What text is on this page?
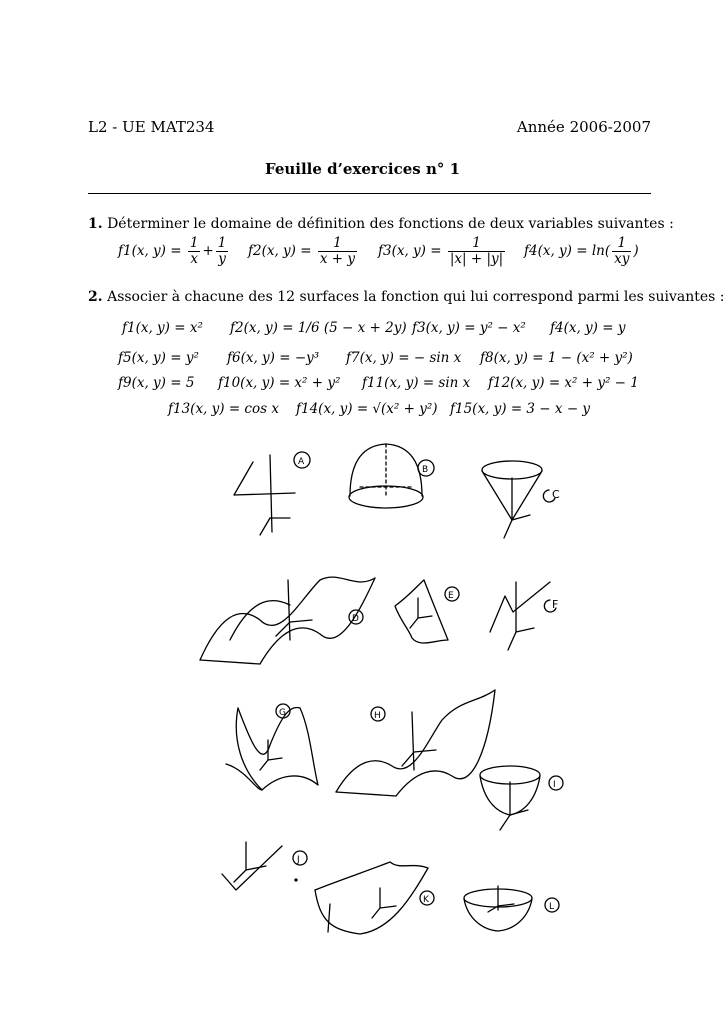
L2 - UE MAT234	Année 2006-2007
Feuille d’exercices n° 1
1. Déterminer le domaine de définition des fonctions de deux variables suivantes :
f1(x, $y) = \frac{1}{x} + \frac{1}{y} f2(x$, $y) = \frac{1}{x + y} f3(x$, $y) = \frac{1}{|x| + |y|} f4(x$, $y) = \ln( \frac{1}{xy}$ )
2. Associer à chacune des 12 surfaces la fonction qui lui correspond parmi les suivantes :
f1(x, y) = x² f2(x, y) = 1/6 (5 − x + 2y) f3(x, y) = y² − x² f4(x, y) = y
f5(x, y) = y² f6(x, y) = −y³ f7(x, y) = − sin x f8(x, y) = 1 − (x² + y²)
f9(x, y) = 5 f10(x, y) = x² + y² f11(x, y) = sin x f12(x, y) = x² + y² − 1
f13(x, y) = cos x f14(x, y) = √(x² + y²) f15(x, y) = 3 − x − y
A
B
C
D
E
F
G	H
I
J
K
L
